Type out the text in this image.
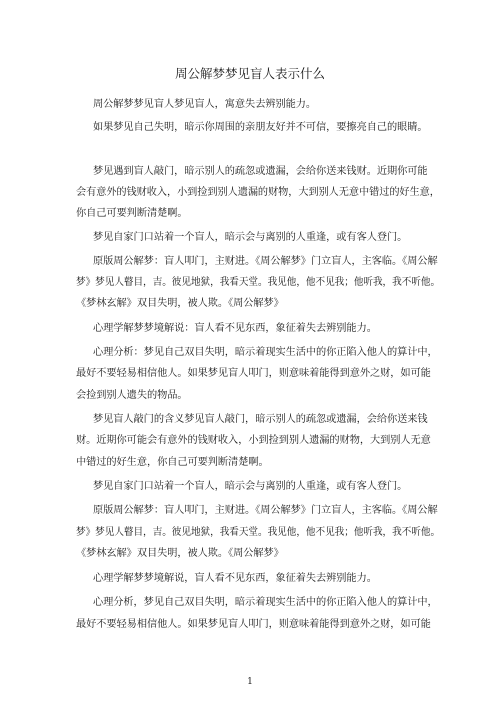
周公解梦梦见盲人表示什么
周公解梦梦见盲人梦见盲人，寓意失去辨别能力。
如果梦见自己失明，暗示你周围的亲朋友好并不可信，要擦亮自己的眼睛。
梦见遇到盲人敲门，暗示别人的疏忽或遗漏，会给你送来钱财。近期你可能
会有意外的钱财收入，小到捡到别人遗漏的财物，大到别人无意中错过的好生意，
你自己可要判断清楚啊。
梦见自家门口站着一个盲人，暗示会与离别的人重逢，或有客人登门。
原版周公解梦：盲人叩门，主财进。《周公解梦》门立盲人，主客临。《周公解
梦》梦见人瞽目，吉。彼见地狱，我看天堂。我见他，他不见我；他听我，我不听他。
《梦林玄解》双目失明，被人欺。《周公解梦》
心理学解梦梦境解说：盲人看不见东西，象征着失去辨别能力。
心理分析：梦见自己双目失明，暗示着现实生活中的你正陷入他人的算计中，
最好不要轻易相信他人。如果梦见盲人叩门，则意味着能得到意外之财，如可能
会捡到别人遗失的物品。
梦见盲人敲门的含义梦见盲人敲门，暗示别人的疏忽或遗漏，会给你送来钱
财。近期你可能会有意外的钱财收入，小到捡到别人遗漏的财物，大到别人无意
中错过的好生意，你自己可要判断清楚啊。
梦见自家门口站着一个盲人，暗示会与离别的人重逢，或有客人登门。
原版周公解梦：盲人叩门，主财进。《周公解梦》门立盲人，主客临。《周公解
梦》梦见人瞽目，吉。彼见地狱，我看天堂。我见他，他不见我；他听我，我不听他。
《梦林玄解》双目失明，被人欺。《周公解梦》
心理学解梦梦境解说，盲人看不见东西，象征着失去辨别能力。
心理分析，梦见自己双目失明，暗示着现实生活中的你正陷入他人的算计中，
最好不要轻易相信他人。如果梦见盲人叩门，则意味着能得到意外之财，如可能
1
